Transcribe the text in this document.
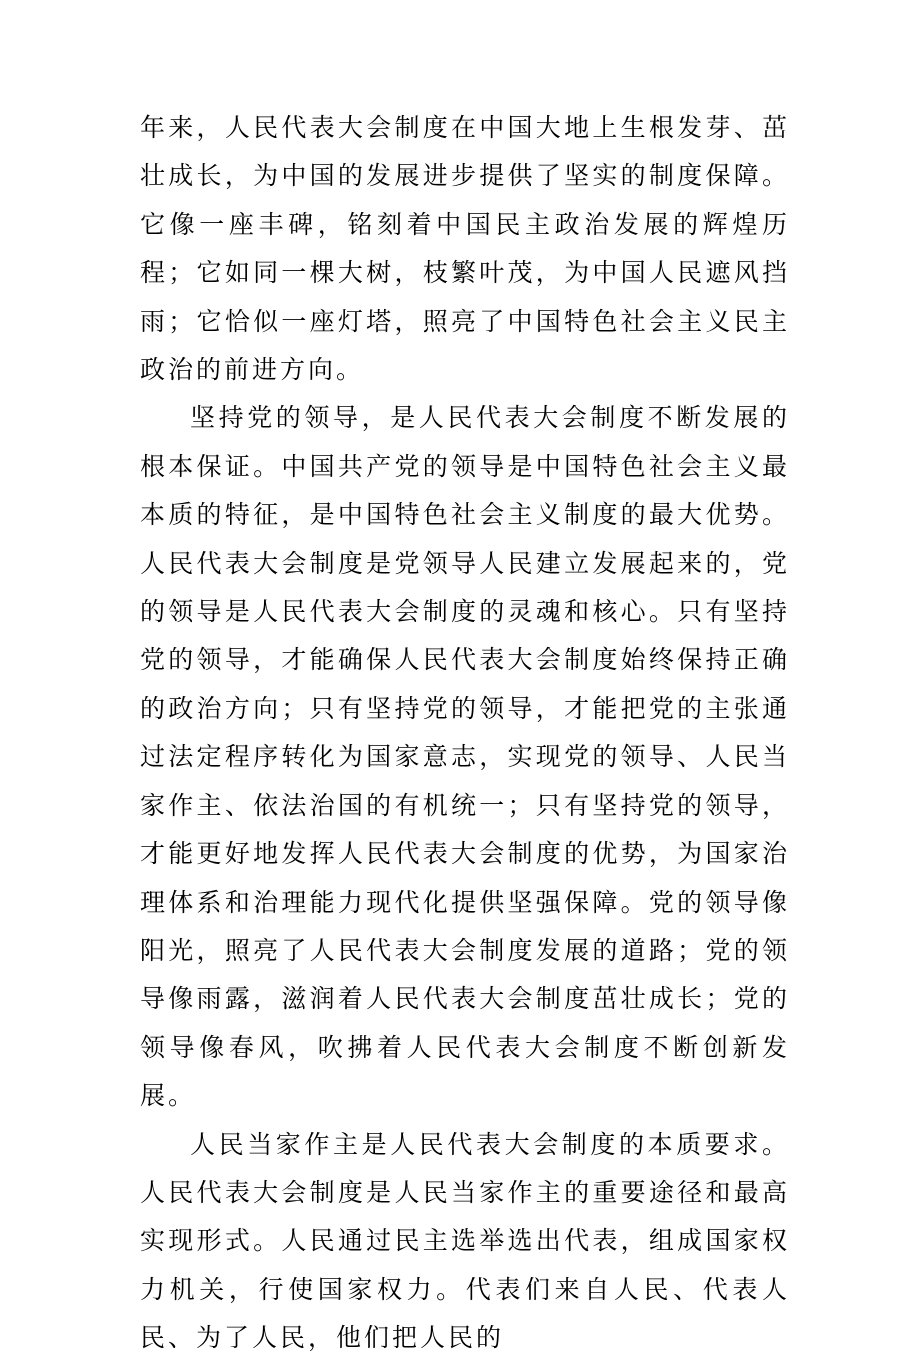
年来，人民代表大会制度在中国大地上生根发芽、茁壮成长，为中国的发展进步提供了坚实的制度保障。它像一座丰碑，铭刻着中国民主政治发展的辉煌历程；它如同一棵大树，枝繁叶茂，为中国人民遮风挡雨；它恰似一座灯塔，照亮了中国特色社会主义民主政治的前进方向。

坚持党的领导，是人民代表大会制度不断发展的根本保证。中国共产党的领导是中国特色社会主义最本质的特征，是中国特色社会主义制度的最大优势。人民代表大会制度是党领导人民建立发展起来的，党的领导是人民代表大会制度的灵魂和核心。只有坚持党的领导，才能确保人民代表大会制度始终保持正确的政治方向；只有坚持党的领导，才能把党的主张通过法定程序转化为国家意志，实现党的领导、人民当家作主、依法治国的有机统一；只有坚持党的领导，才能更好地发挥人民代表大会制度的优势，为国家治理体系和治理能力现代化提供坚强保障。党的领导像阳光，照亮了人民代表大会制度发展的道路；党的领导像雨露，滋润着人民代表大会制度茁壮成长；党的领导像春风，吹拂着人民代表大会制度不断创新发展。

人民当家作主是人民代表大会制度的本质要求。人民代表大会制度是人民当家作主的重要途径和最高实现形式。人民通过民主选举选出代表，组成国家权力机关，行使国家权力。代表们来自人民、代表人民、为了人民，他们把人民的
